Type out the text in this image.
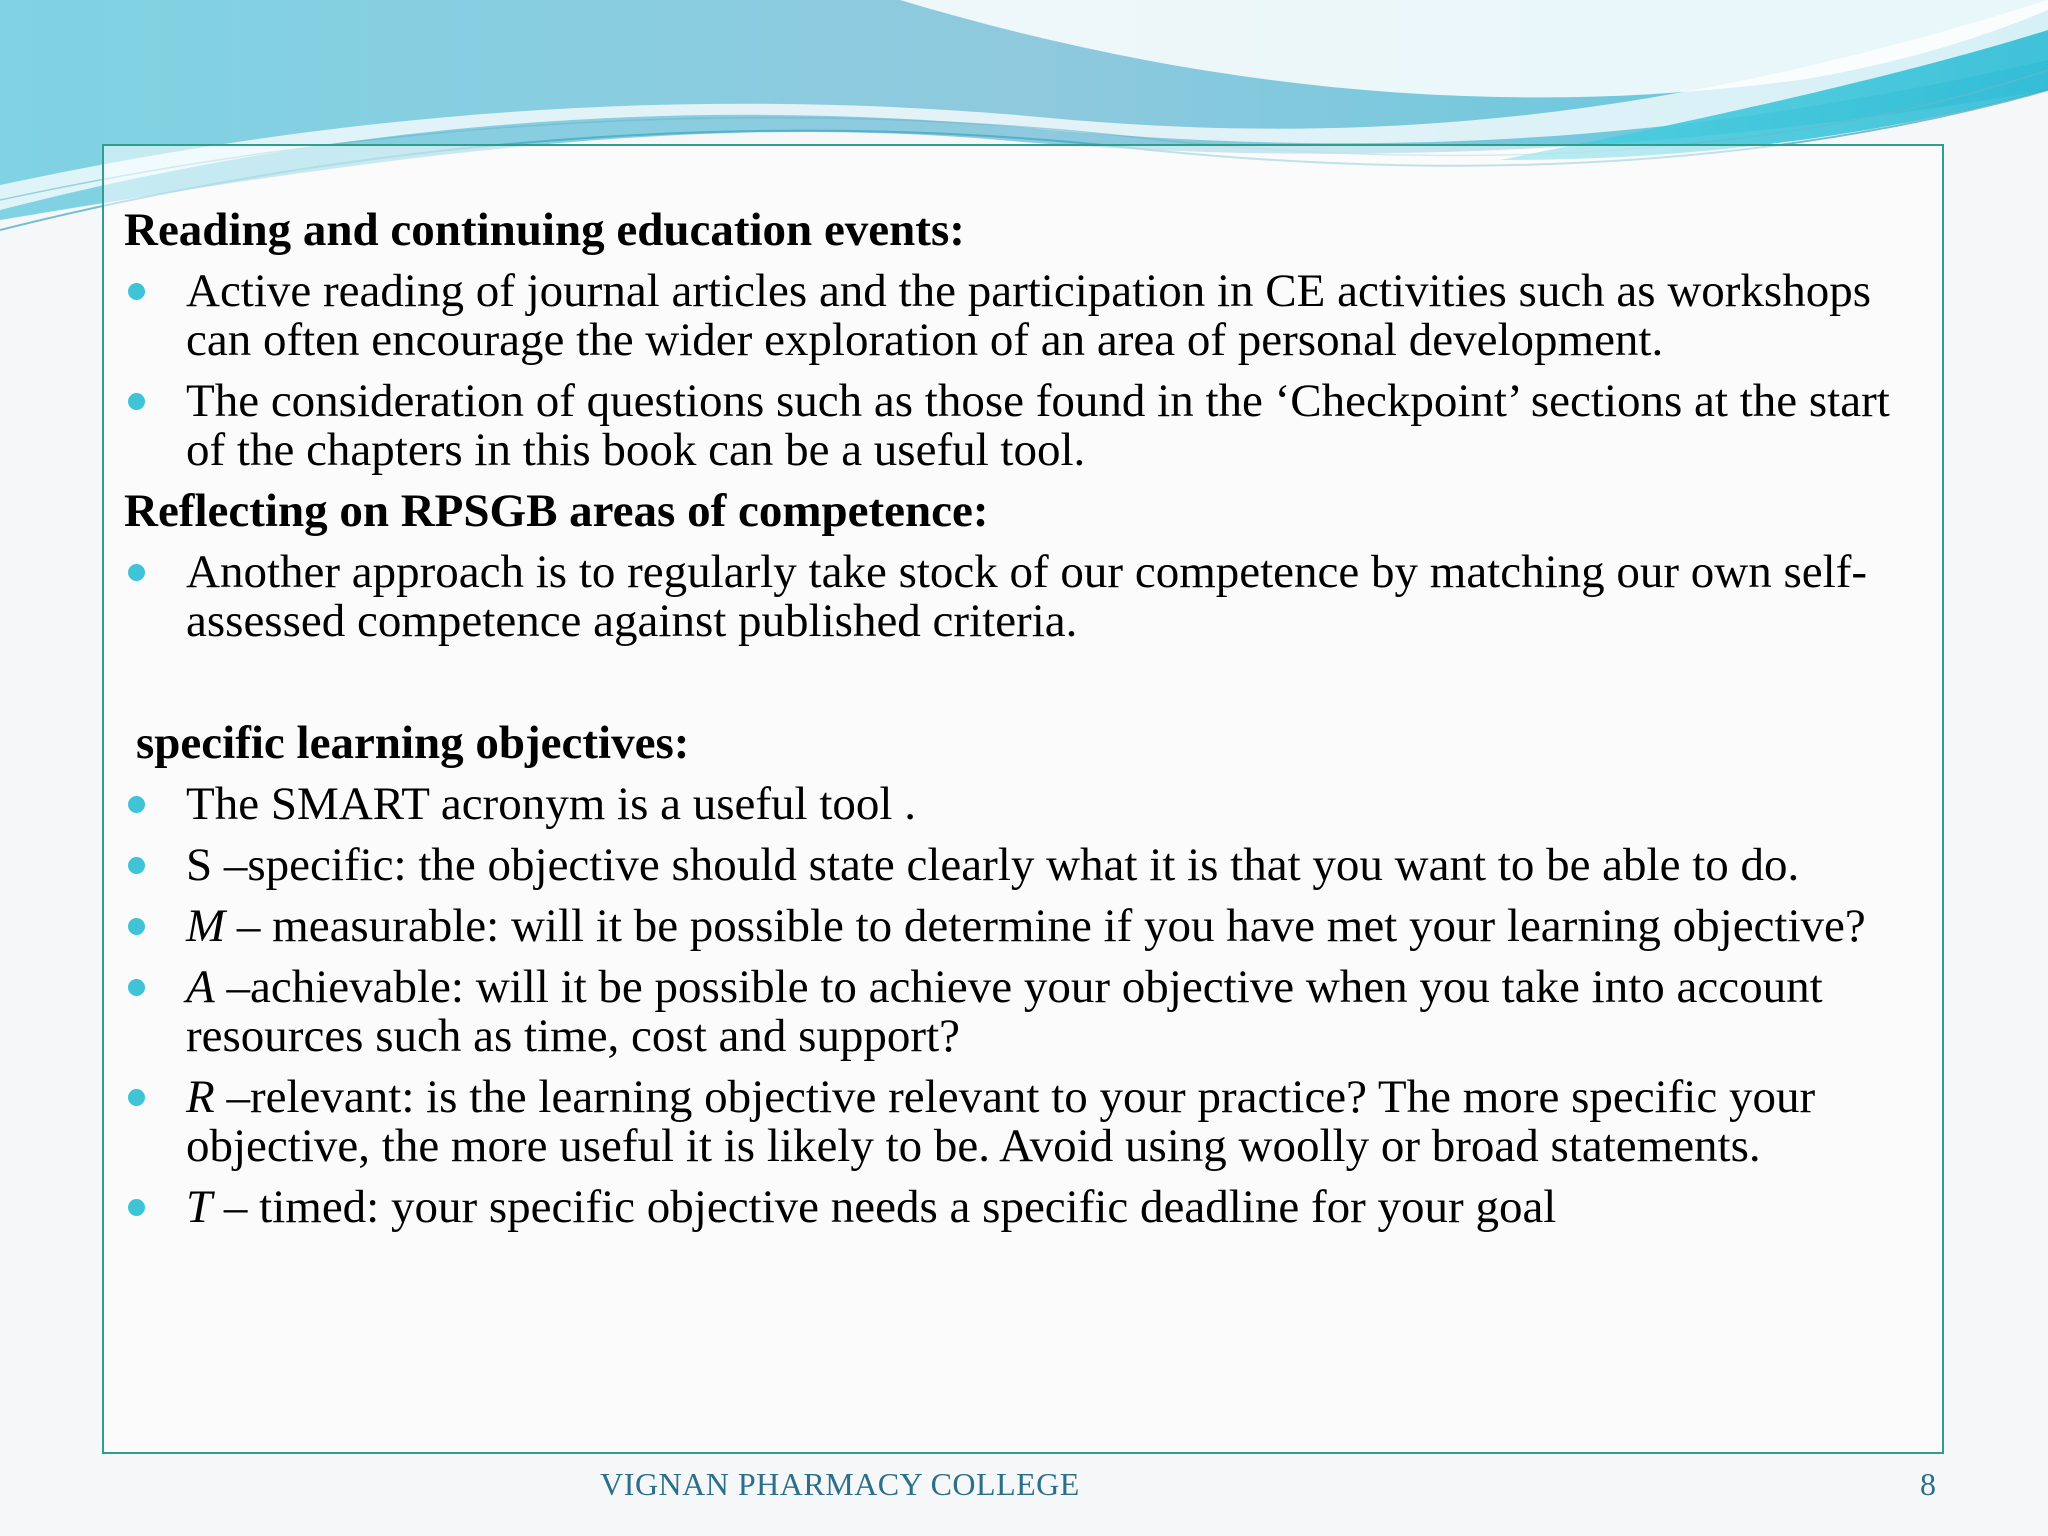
Reading and continuing education events:
Active reading of journal articles and the participation in CE activities such as workshops can often encourage the wider exploration of an area of personal development.
The consideration of questions such as those found in the ‘Checkpoint’ sections at the start of the chapters in this book can be a useful tool.
Reflecting on RPSGB areas of competence:
Another approach is to regularly take stock of our competence by matching our own self-assessed competence against published criteria.
specific learning objectives:
The SMART acronym is a useful tool .
S –specific: the objective should state clearly what it is that you want to be able to do.
M – measurable: will it be possible to determine if you have met your learning objective?
A –achievable: will it be possible to achieve your objective when you take into account resources such as time, cost and support?
R –relevant: is the learning objective relevant to your practice? The more specific your objective, the more useful it is likely to be. Avoid using woolly or broad statements.
T – timed: your specific objective needs a specific deadline for your goal
VIGNAN PHARMACY COLLEGE	8
